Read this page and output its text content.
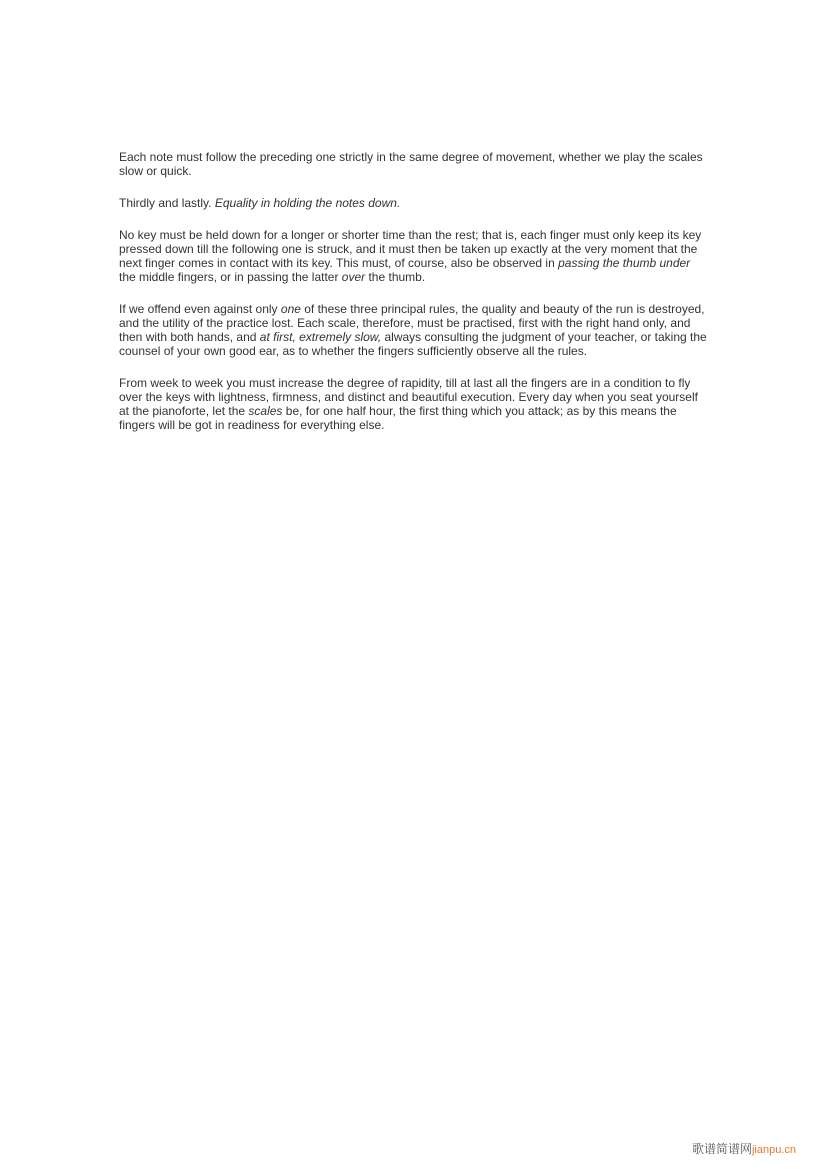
Each note must follow the preceding one strictly in the same degree of movement, whether we play the scales slow or quick.

Thirdly and lastly. Equality in holding the notes down.

No key must be held down for a longer or shorter time than the rest; that is, each finger must only keep its key pressed down till the following one is struck, and it must then be taken up exactly at the very moment that the next finger comes in contact with its key. This must, of course, also be observed in passing the thumb under the middle fingers, or in passing the latter over the thumb.

If we offend even against only one of these three principal rules, the quality and beauty of the run is destroyed, and the utility of the practice lost. Each scale, therefore, must be practised, first with the right hand only, and then with both hands, and at first, extremely slow, always consulting the judgment of your teacher, or taking the counsel of your own good ear, as to whether the fingers sufficiently observe all the rules.

From week to week you must increase the degree of rapidity, till at last all the fingers are in a condition to fly over the keys with lightness, firmness, and distinct and beautiful execution. Every day when you seat yourself at the pianoforte, let the scales be, for one half hour, the first thing which you attack; as by this means the fingers will be got in readiness for everything else.

歌谱简谱网jianpu.cn
